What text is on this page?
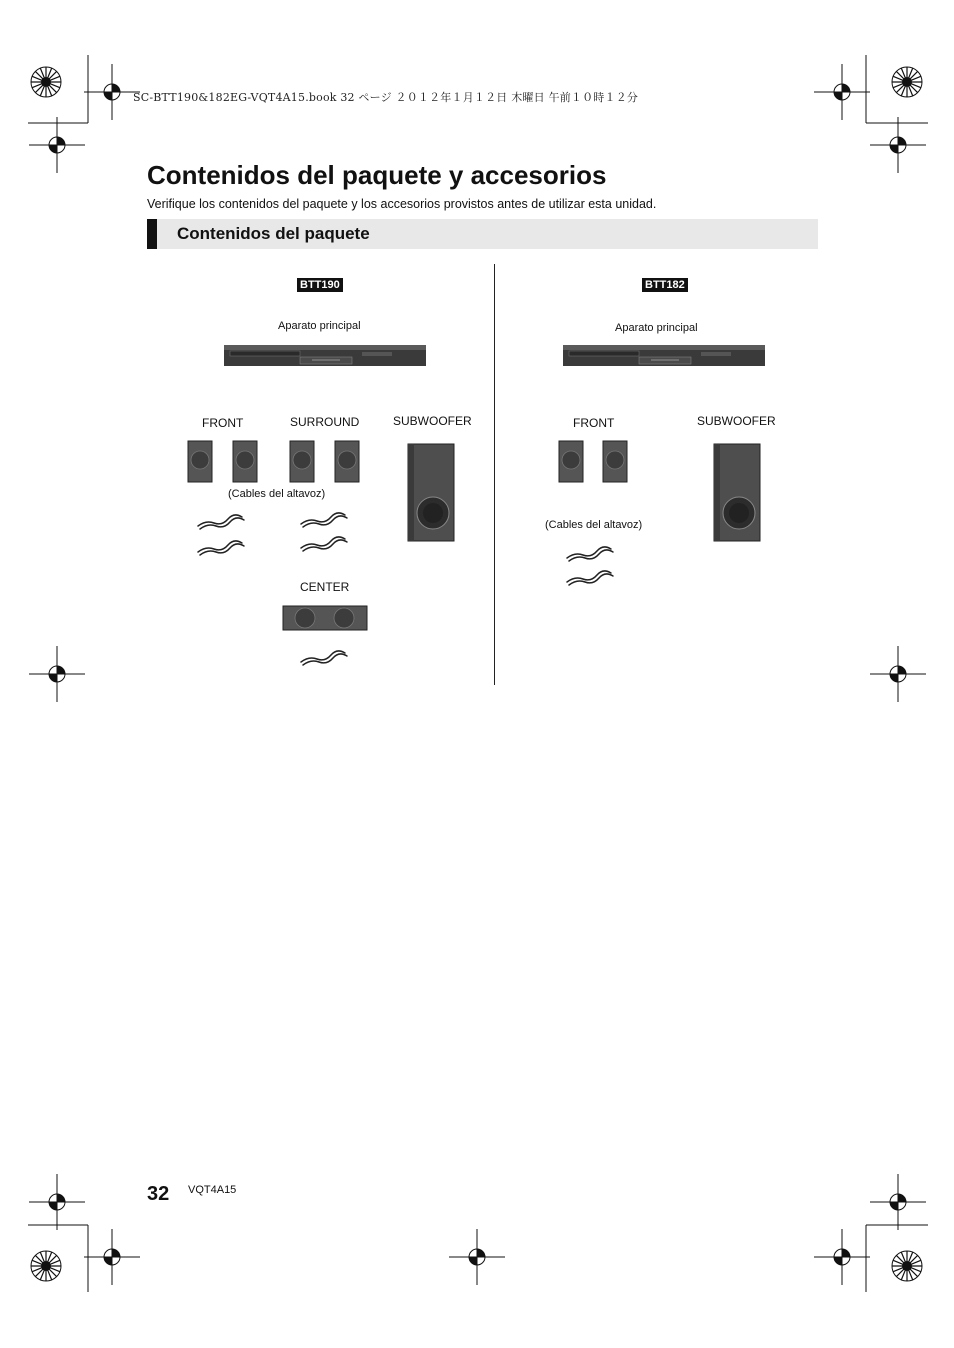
SC-BTT190&182EG-VQT4A15.book 32 ページ ２０１２年１月１２日 木曜日 午前１０時１２分
Contenidos del paquete y accesorios
Verifique los contenidos del paquete y los accesorios provistos antes de utilizar esta unidad.
Contenidos del paquete
BTT190
Aparato principal
FRONT	SURROUND	SUBWOOFER
(Cables del altavoz)
CENTER
BTT182
Aparato principal
FRONT	SUBWOOFER
(Cables del altavoz)
32 VQT4A15
